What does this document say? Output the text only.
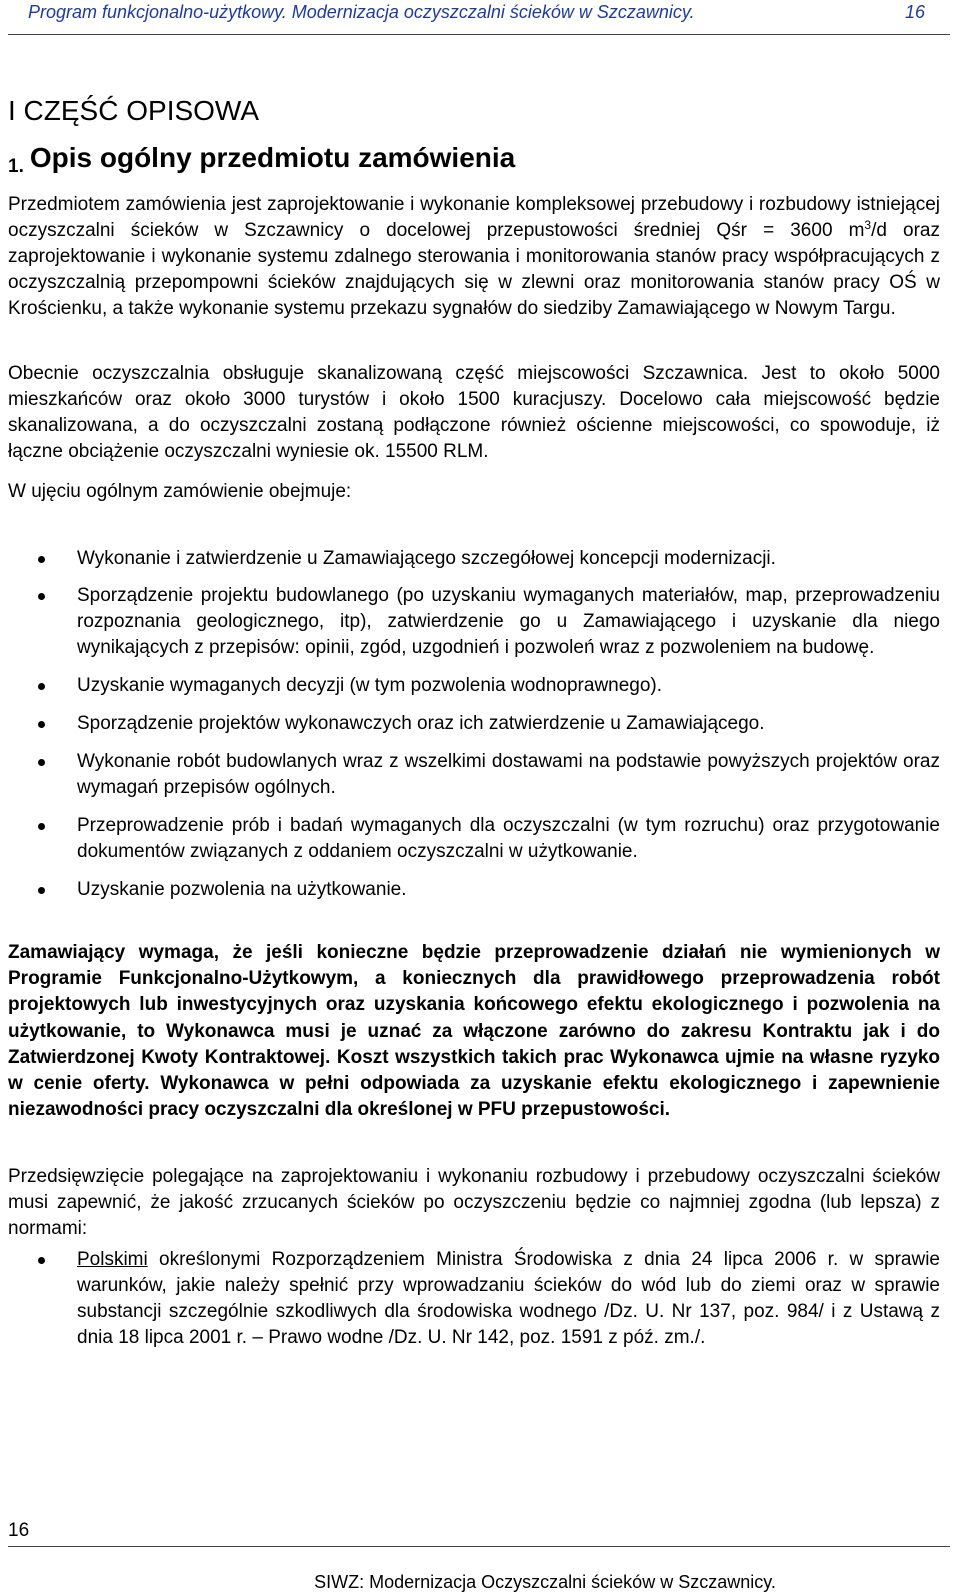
Program funkcjonalno-użytkowy. Modernizacja oczyszczalni ścieków w Szczawnicy.	16
I CZĘŚĆ OPISOWA
1. Opis ogólny przedmiotu zamówienia

Przedmiotem zamówienia jest zaprojektowanie i wykonanie kompleksowej przebudowy i rozbudowy istniejącej oczyszczalni ścieków w Szczawnicy o docelowej przepustowości średniej Qśr = 3600 $m^3/d$ oraz zaprojektowanie i wykonanie systemu zdalnego sterowania i monitorowania stanów pracy współpracujących z oczyszczalnią przepompowni ścieków znajdujących się w zlewni oraz monitorowania stanów pracy OŚ w Krościenku, a także wykonanie systemu przekazu sygnałów do siedziby Zamawiającego w Nowym Targu.

Obecnie oczyszczalnia obsługuje skanalizowaną część miejscowości Szczawnica. Jest to około 5000 mieszkańców oraz około 3000 turystów i około 1500 kuracjuszy. Docelowo cała miejscowość będzie skanalizowana, a do oczyszczalni zostaną podłączone również ościenne miejscowości, co spowoduje, iż łączne obciążenie oczyszczalni wyniesie ok. 15500 RLM.

W ujęciu ogólnym zamówienie obejmuje:

Wykonanie i zatwierdzenie u Zamawiającego szczegółowej koncepcji modernizacji.
Sporządzenie projektu budowlanego (po uzyskaniu wymaganych materiałów, map, przeprowadzeniu rozpoznania geologicznego, itp), zatwierdzenie go u Zamawiającego i uzyskanie dla niego wynikających z przepisów: opinii, zgód, uzgodnień i pozwoleń wraz z pozwoleniem na budowę.
Uzyskanie wymaganych decyzji (w tym pozwolenia wodnoprawnego).
Sporządzenie projektów wykonawczych oraz ich zatwierdzenie u Zamawiającego.
Wykonanie robót budowlanych wraz z wszelkimi dostawami na podstawie powyższych projektów oraz wymagań przepisów ogólnych.
Przeprowadzenie prób i badań wymaganych dla oczyszczalni (w tym rozruchu) oraz przygotowanie dokumentów związanych z oddaniem oczyszczalni w użytkowanie.
Uzyskanie pozwolenia na użytkowanie.

Zamawiający wymaga, że jeśli konieczne będzie przeprowadzenie działań nie wymienionych w Programie Funkcjonalno-Użytkowym, a koniecznych dla prawidłowego przeprowadzenia robót projektowych lub inwestycyjnych oraz uzyskania końcowego efektu ekologicznego i pozwolenia na użytkowanie, to Wykonawca musi je uznać za włączone zarówno do zakresu Kontraktu jak i do Zatwierdzonej Kwoty Kontraktowej. Koszt wszystkich takich prac Wykonawca ujmie na własne ryzyko w cenie oferty. Wykonawca w pełni odpowiada za uzyskanie efektu ekologicznego i zapewnienie niezawodności pracy oczyszczalni dla określonej w PFU przepustowości.

Przedsięwzięcie polegające na zaprojektowaniu i wykonaniu rozbudowy i przebudowy oczyszczalni ścieków musi zapewnić, że jakość zrzucanych ścieków po oczyszczeniu będzie co najmniej zgodna (lub lepsza) z normami:

Polskimi określonymi Rozporządzeniem Ministra Środowiska z dnia 24 lipca 2006 r. w sprawie warunków, jakie należy spełnić przy wprowadzaniu ścieków do wód lub do ziemi oraz w sprawie substancji szczególnie szkodliwych dla środowiska wodnego /Dz. U. Nr 137, poz. 984/ i z Ustawą z dnia 18 lipca 2001 r. – Prawo wodne /Dz. U. Nr 142, poz. 1591 z póź. zm./.
16
SIWZ: Modernizacja Oczyszczalni ścieków w Szczawnicy.
